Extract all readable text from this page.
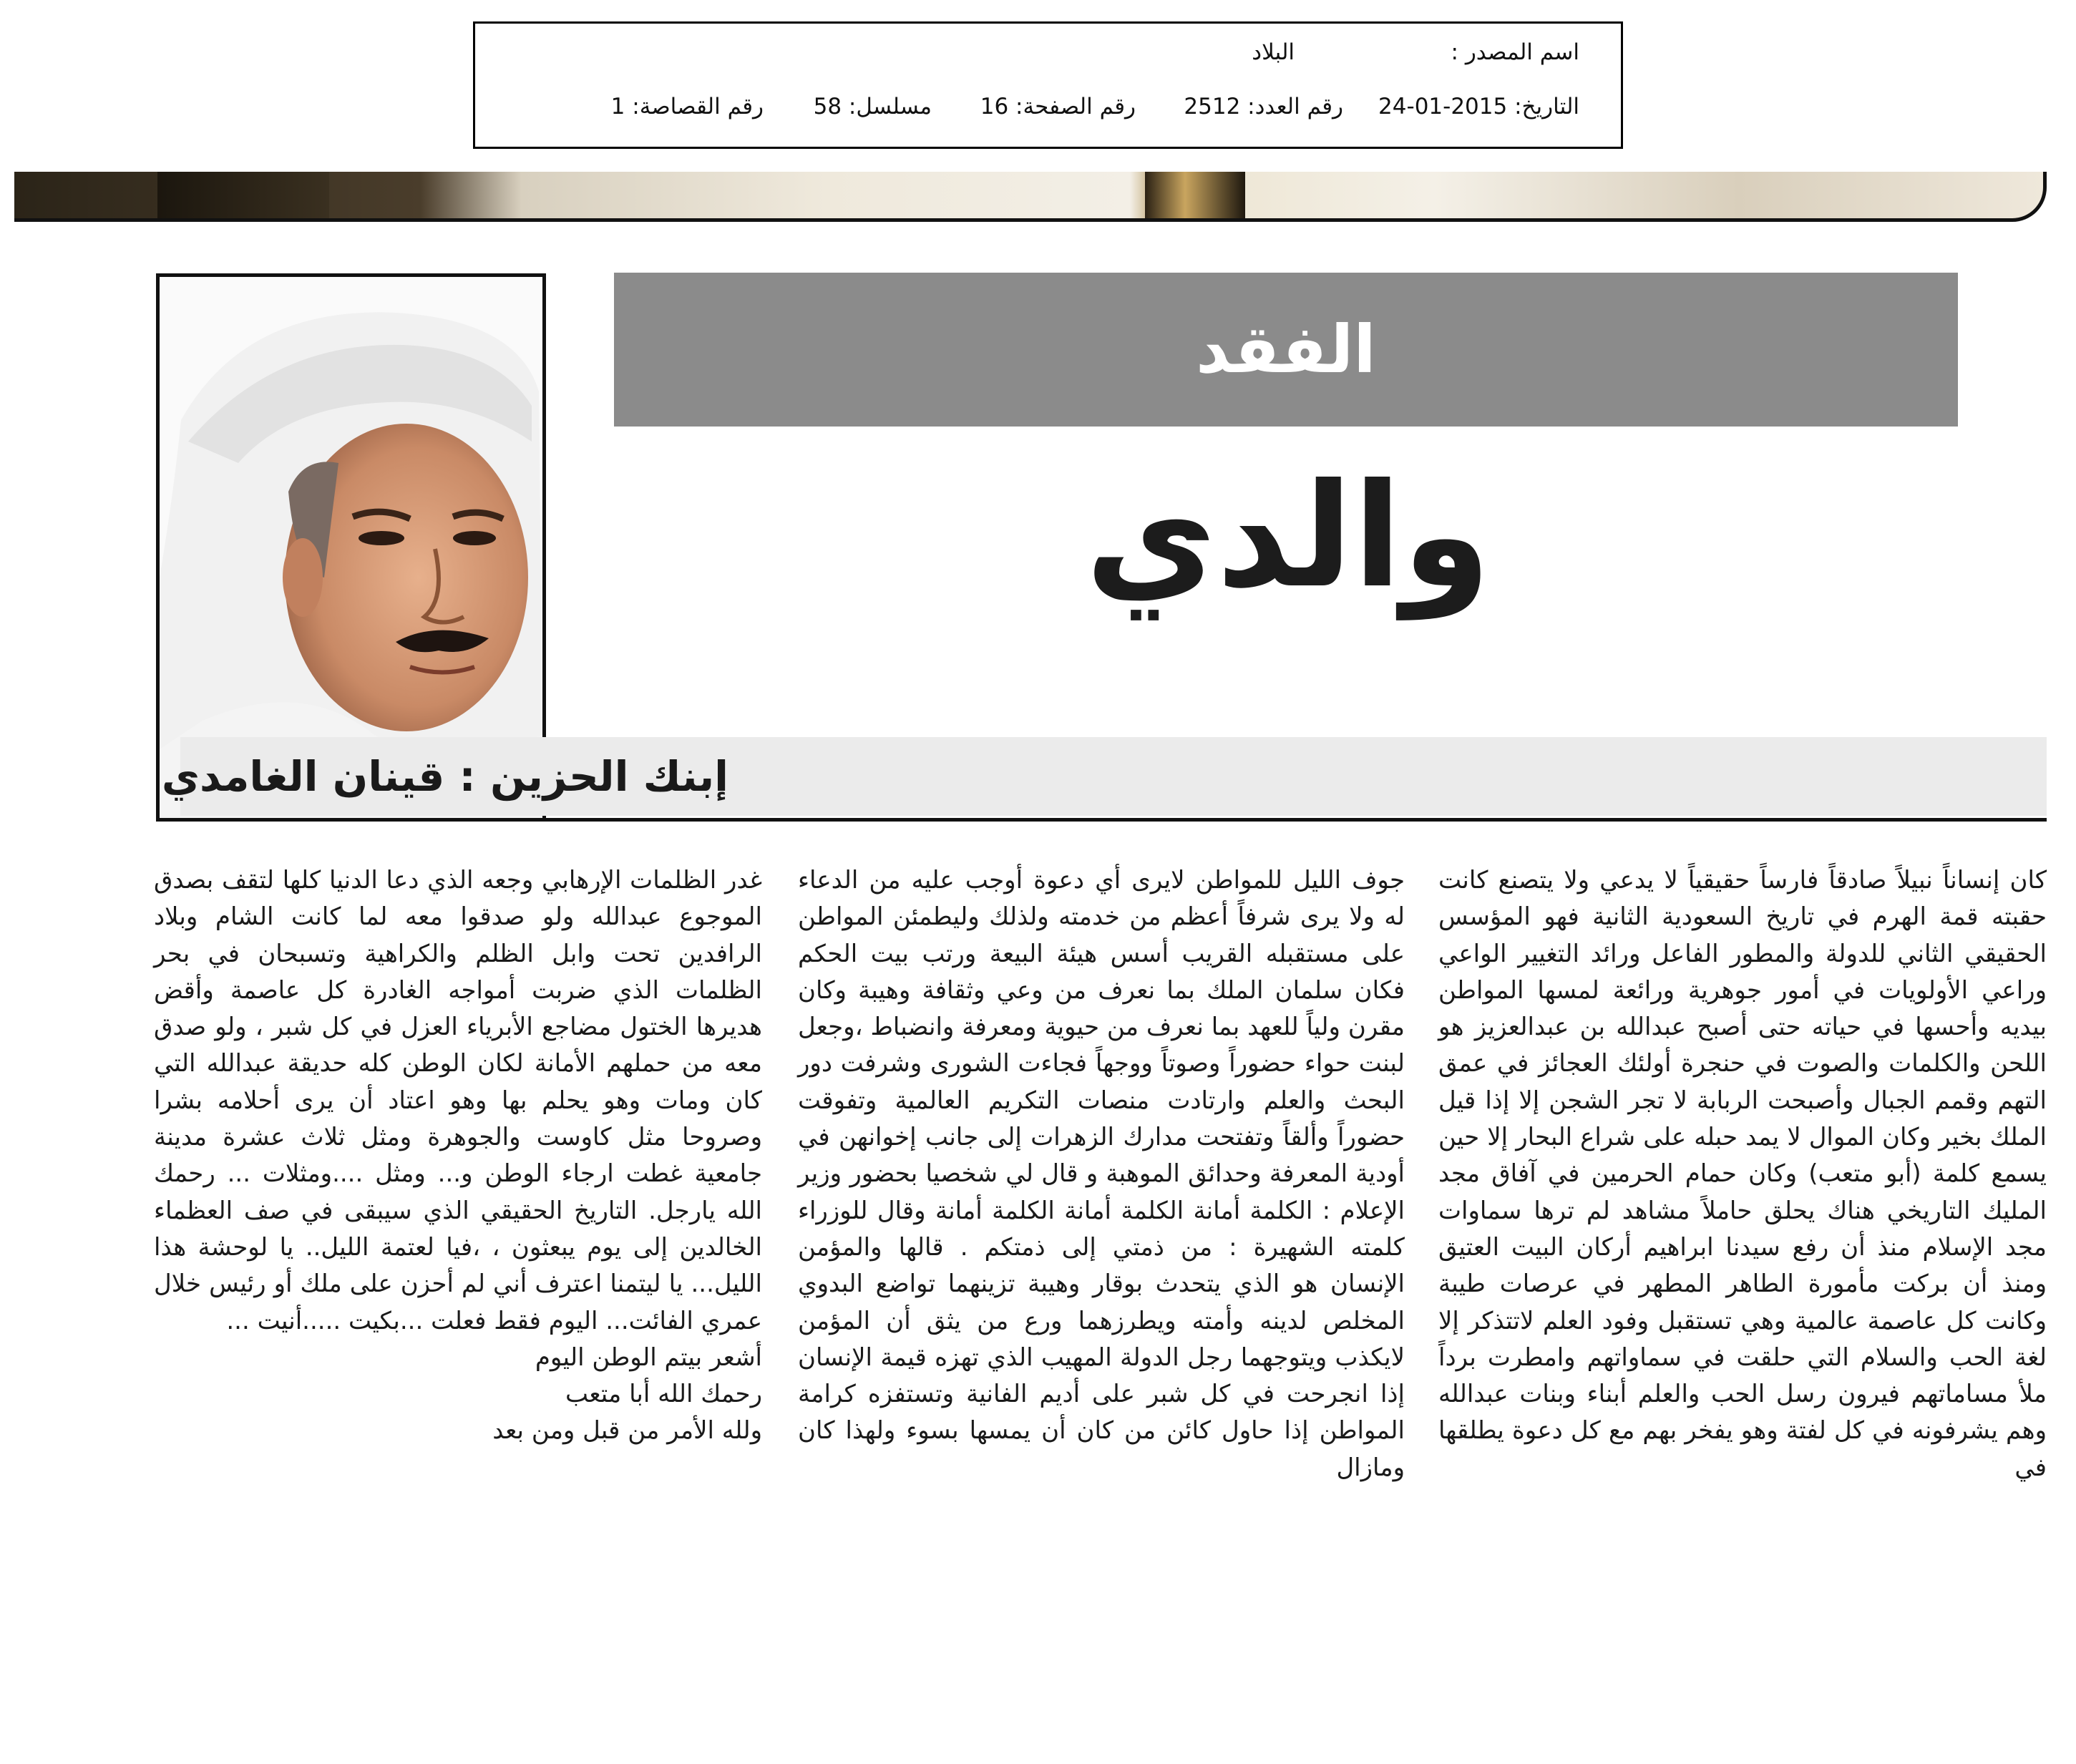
اسم المصدر :
البلاد
التاريخ: 2015-01-24
رقم العدد: 2512
رقم الصفحة: 16
مسلسل: 58
رقم القصاصة: 1
الفقد
والدي
إبنك الحزين : قينان الغامدي
كان إنساناً نبيلاً صادقاً فارساً حقيقياً لا يدعي ولا يتصنع كانت حقبته قمة الهرم في تاريخ السعودية الثانية فهو المؤسس الحقيقي الثاني للدولة والمطور الفاعل ورائد التغيير الواعي وراعي الأولويات في أمور جوهرية ورائعة لمسها المواطن بيديه وأحسها في حياته حتى أصبح عبدالله بن عبدالعزيز هو اللحن والكلمات والصوت في حنجرة أولئك العجائز في عمق التهم وقمم الجبال وأصبحت الربابة لا تجر الشجن إلا إذا قيل الملك بخير وكان الموال لا يمد حبله على شراع البحار إلا حين يسمع كلمة (أبو متعب) وكان حمام الحرمين في آفاق مجد المليك التاريخي هناك يحلق حاملاً مشاهد لم ترها سماوات مجد الإسلام منذ أن رفع سيدنا ابراهيم أركان البيت العتيق ومنذ أن بركت مأمورة الطاهر المطهر في عرصات طيبة وكانت كل عاصمة عالمية وهي تستقبل وفود العلم لاتتذكر إلا لغة الحب والسلام التي حلقت في سماواتهم وامطرت برداً ملأ مساماتهم فيرون رسل الحب والعلم أبناء وبنات عبدالله وهم يشرفونه في كل لفتة وهو يفخر بهم مع كل دعوة يطلقها في
جوف الليل للمواطن لايرى أي دعوة أوجب عليه من الدعاء له ولا يرى شرفاً أعظم من خدمته ولذلك وليطمئن المواطن على مستقبله القريب أسس هيئة البيعة ورتب بيت الحكم فكان سلمان الملك بما نعرف من وعي وثقافة وهيبة وكان مقرن ولياً للعهد بما نعرف من حيوية ومعرفة وانضباط ،وجعل لبنت حواء حضوراً وصوتاً ووجهاً فجاءت الشورى وشرفت دور البحث والعلم وارتادت منصات التكريم العالمية وتفوقت حضوراً وألقاً وتفتحت مدارك الزهرات إلى جانب إخوانهن في أودية المعرفة وحدائق الموهبة و قال لي شخصيا بحضور وزير الإعلام : الكلمة أمانة الكلمة أمانة الكلمة أمانة وقال للوزراء كلمته الشهيرة : من ذمتي إلى ذمتكم . قالها والمؤمن الإنسان هو الذي يتحدث بوقار وهيبة تزينهما تواضع البدوي المخلص لدينه وأمته ويطرزهما ورع من يثق أن المؤمن لايكذب ويتوجهما رجل الدولة المهيب الذي تهزه قيمة الإنسان إذا انجرحت في كل شبر على أديم الفانية وتستفزه كرامة المواطن إذا حاول كائن من كان أن يمسها بسوء ولهذا كان ومازال
غدر الظلمات الإرهابي وجعه الذي دعا الدنيا كلها لتقف بصدق الموجوع عبدالله ولو صدقوا معه لما كانت الشام وبلاد الرافدين تحت وابل الظلم والكراهية وتسبحان في بحر الظلمات الذي ضربت أمواجه الغادرة كل عاصمة وأقض هديرها الختول مضاجع الأبرياء العزل في كل شبر ، ولو صدق معه من حملهم الأمانة لكان الوطن كله حديقة عبدالله التي كان ومات وهو يحلم بها وهو اعتاد أن يرى أحلامه بشرا وصروحا مثل كاوست والجوهرة ومثل ثلاث عشرة مدينة جامعية غطت ارجاء الوطن و... ومثل ....ومثلات ... رحمك الله يارجل. التاريخ الحقيقي الذي سيبقى في صف العظماء الخالدين إلى يوم يبعثون ، ،فيا لعتمة الليل.. يا لوحشة هذا الليل... يا ليتمنا اعترف أني لم أحزن على ملك أو رئيس خلال عمري الفائت... اليوم فقط فعلت ...بكيت .....أنيت ...
أشعر بيتم الوطن اليوم
رحمك الله أبا متعب
ولله الأمر من قبل ومن بعد
